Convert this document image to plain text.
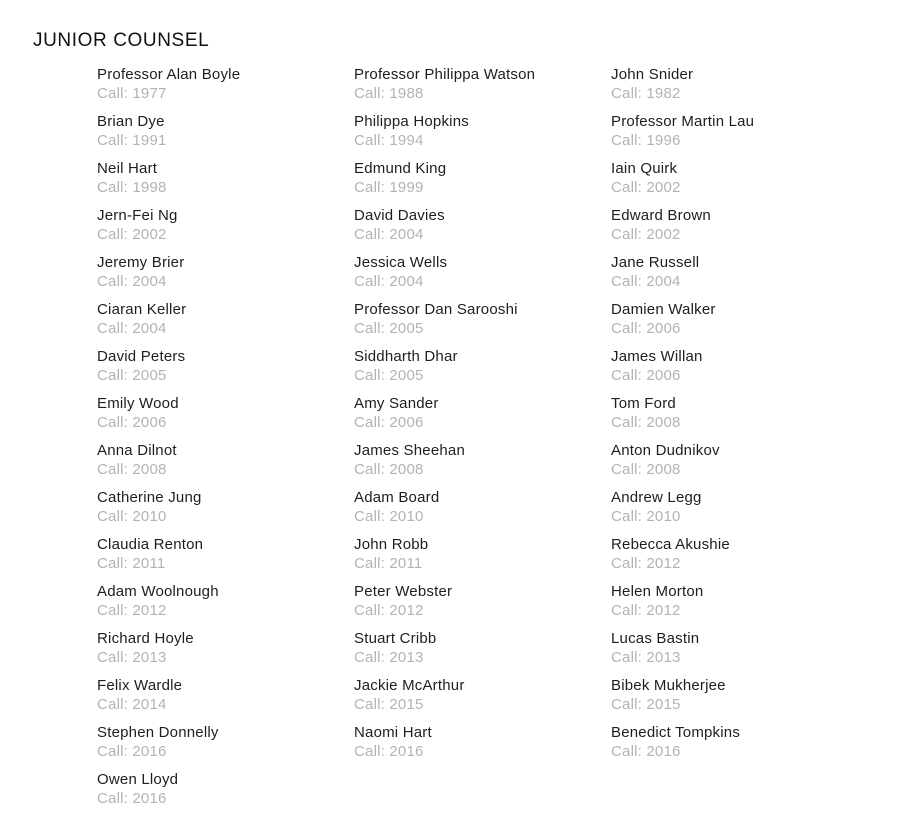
JUNIOR COUNSEL
Professor Alan Boyle
Call: 1977
Professor Philippa Watson
Call: 1988
John Snider
Call: 1982
Brian Dye
Call: 1991
Philippa Hopkins
Call: 1994
Professor Martin Lau
Call: 1996
Neil Hart
Call: 1998
Edmund King
Call: 1999
Iain Quirk
Call: 2002
Jern-Fei Ng
Call: 2002
David Davies
Call: 2004
Edward Brown
Call: 2002
Jeremy Brier
Call: 2004
Jessica Wells
Call: 2004
Jane Russell
Call: 2004
Ciaran Keller
Call: 2004
Professor Dan Sarooshi
Call: 2005
Damien Walker
Call: 2006
David Peters
Call: 2005
Siddharth Dhar
Call: 2005
James Willan
Call: 2006
Emily Wood
Call: 2006
Amy Sander
Call: 2006
Tom Ford
Call: 2008
Anna Dilnot
Call: 2008
James Sheehan
Call: 2008
Anton Dudnikov
Call: 2008
Catherine Jung
Call: 2010
Adam Board
Call: 2010
Andrew Legg
Call: 2010
Claudia Renton
Call: 2011
John Robb
Call: 2011
Rebecca Akushie
Call: 2012
Adam Woolnough
Call: 2012
Peter Webster
Call: 2012
Helen Morton
Call: 2012
Richard Hoyle
Call: 2013
Stuart Cribb
Call: 2013
Lucas Bastin
Call: 2013
Felix Wardle
Call: 2014
Jackie McArthur
Call: 2015
Bibek Mukherjee
Call: 2015
Stephen Donnelly
Call: 2016
Naomi Hart
Call: 2016
Benedict Tompkins
Call: 2016
Owen Lloyd
Call: 2016
